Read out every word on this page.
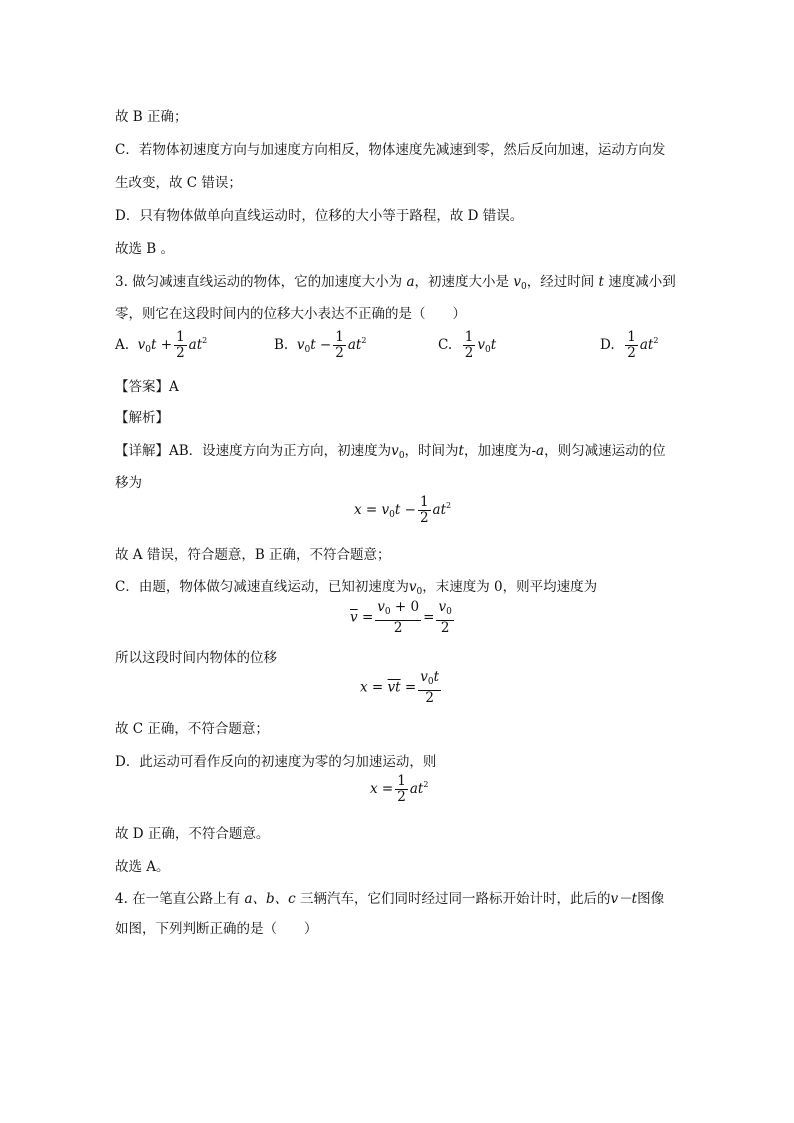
故 B 正确；
C．若物体初速度方向与加速度方向相反，物体速度先减速到零，然后反向加速，运动方向发
生改变，故 C 错误；
D．只有物体做单向直线运动时，位移的大小等于路程，故 D 错误。
故选 B 。
3. 做匀减速直线运动的物体，它的加速度大小为 a，初速度大小是 $v_0$，经过时间 t 速度减小到
零，则它在这段时间内的位移大小表达不正确的是（　　）
A. $v_0t + \frac{1}{2} at^2$	B. $v_0t - \frac{1}{2} at^2$	C. $\frac{1}{2} v_0t$	D. $\frac{1}{2} at^2$
【答案】A
【解析】
【详解】AB．设速度方向为正方向，初速度为$v_0$，时间为t，加速度为-a，则匀减速运动的位
移为
$x = v_0t - \frac{1}{2} at^2$
故 A 错误，符合题意，B 正确，不符合题意；
C．由题，物体做匀减速直线运动，已知初速度为$v_0$，末速度为 0，则平均速度为
$\overline{v} = \frac{v_0 + 0}{2} = \frac{v_0}{2}$
所以这段时间内物体的位移
$x = \overline{vt} = \frac{v_0t}{2}$
故 C 正确，不符合题意；
D．此运动可看作反向的初速度为零的匀加速运动，则
$x = \frac{1}{2} at^2$
故 D 正确，不符合题意。
故选 A。
4. 在一笔直公路上有 a、b、c 三辆汽车，它们同时经过同一路标开始计时，此后的v－t图像
如图，下列判断正确的是（　　）
